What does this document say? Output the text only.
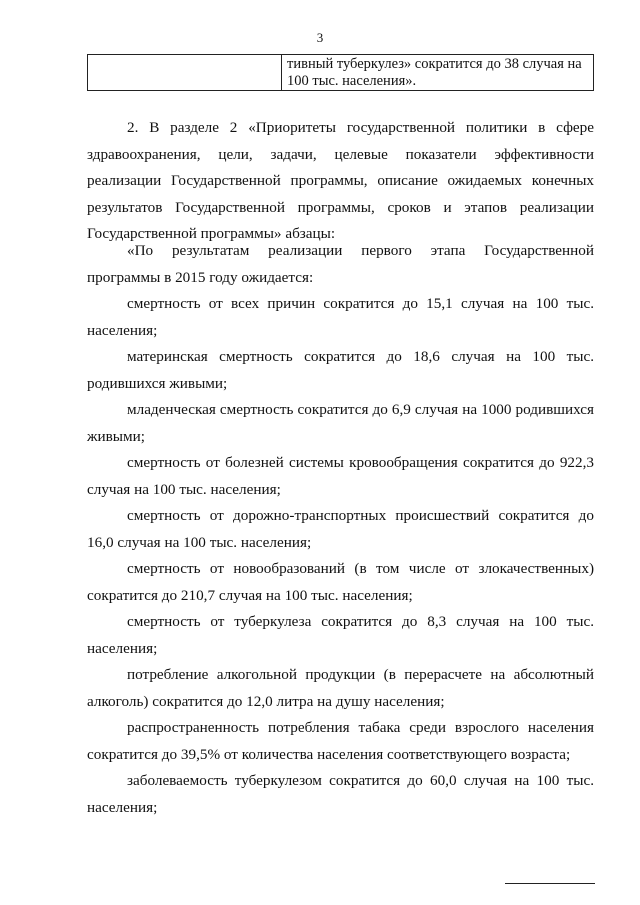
3

тивный туберкулез» сократится до 38 случая на
100 тыс. населения».

2. В разделе 2 «Приоритеты государственной политики в сфере здравоохранения, цели, задачи, целевые показатели эффективности реализации Государственной программы, описание ожидаемых конечных результатов Государственной программы, сроков и этапов реализации Государственной программы» абзацы:

«По результатам реализации первого этапа Государственной программы в 2015 году ожидается:

смертность от всех причин сократится до 15,1 случая на 100 тыс. населения;

материнская смертность сократится до 18,6 случая на 100 тыс. родившихся живыми;

младенческая смертность сократится до 6,9 случая на 1000 родившихся живыми;

смертность от болезней системы кровообращения сократится до 922,3 случая на 100 тыс. населения;

смертность от дорожно-транспортных происшествий сократится до 16,0 случая на 100 тыс. населения;

смертность от новообразований (в том числе от злокачественных) сократится до 210,7 случая на 100 тыс. населения;

смертность от туберкулеза сократится до 8,3 случая на 100 тыс. населения;

потребление алкогольной продукции (в перерасчете на абсолютный алкоголь) сократится до 12,0 литра на душу населения;

распространенность потребления табака среди взрослого населения сократится до 39,5% от количества населения соответствующего возраста;

заболеваемость туберкулезом сократится до 60,0 случая на 100 тыс. населения;
